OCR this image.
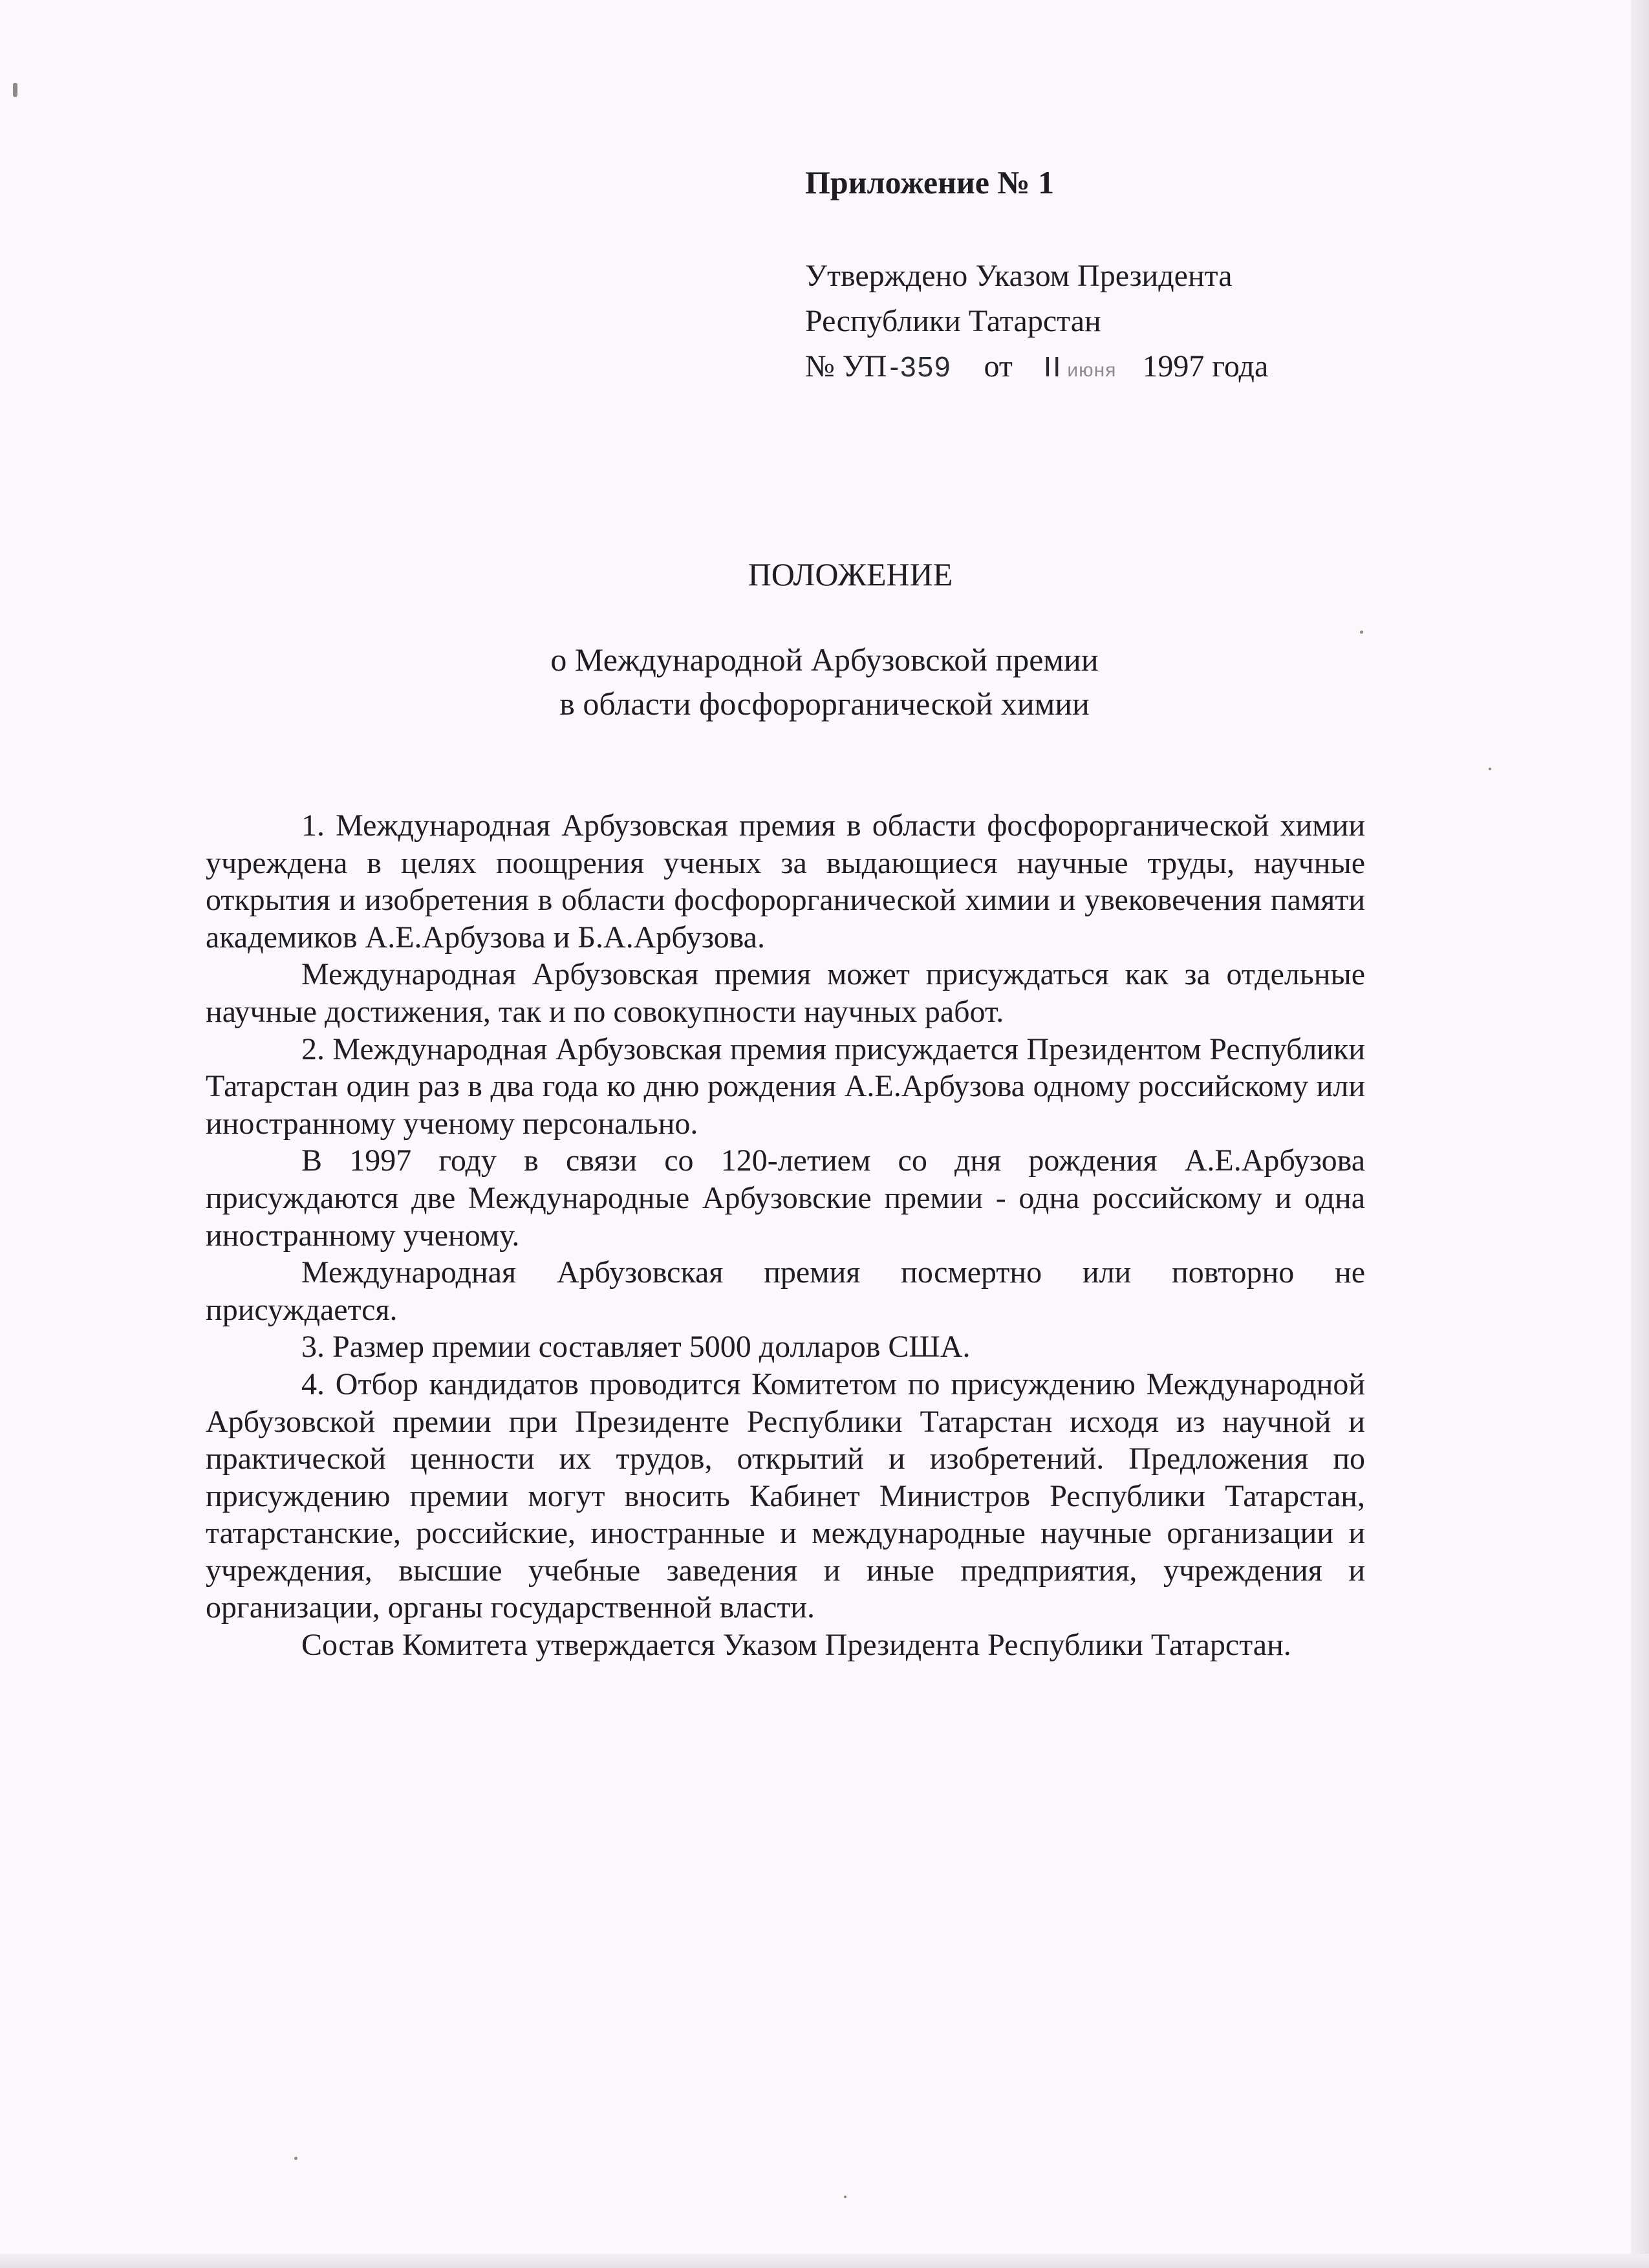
Приложение № 1
Утверждено Указом Президента
Республики Татарстан
№ УП-359 от II июня 1997 года
ПОЛОЖЕНИЕ
о Международной Арбузовской премии
в области фосфорорганической химии

1. Международная Арбузовская премия в области фосфорорганической химии учреждена в целях поощрения ученых за выдающиеся научные труды, научные открытия и изобретения в области фосфорорганической химии и увековечения памяти академиков А.Е.Арбузова и Б.А.Арбузова.

Международная Арбузовская премия может присуждаться как за отдельные научные достижения, так и по совокупности научных работ.

2. Международная Арбузовская премия присуждается Президентом Республики Татарстан один раз в два года ко дню рождения А.Е.Арбузова одному российскому или иностранному ученому персонально.

В 1997 году в связи со 120-летием со дня рождения А.Е.Арбузова присуждаются две Международные Арбузовские премии - одна российскому и одна иностранному ученому.

Международная Арбузовская премия посмертно или повторно не присуждается.

3. Размер премии составляет 5000 долларов США.

4. Отбор кандидатов проводится Комитетом по присуждению Международной Арбузовской премии при Президенте Республики Татарстан исходя из научной и практической ценности их трудов, открытий и изобретений. Предложения по присуждению премии могут вносить Кабинет Министров Республики Татарстан, татарстанские, российские, иностранные и международные научные организации и учреждения, высшие учебные заведения и иные предприятия, учреждения и организации, органы государственной власти.

Состав Комитета утверждается Указом Президента Республики Татарстан.
